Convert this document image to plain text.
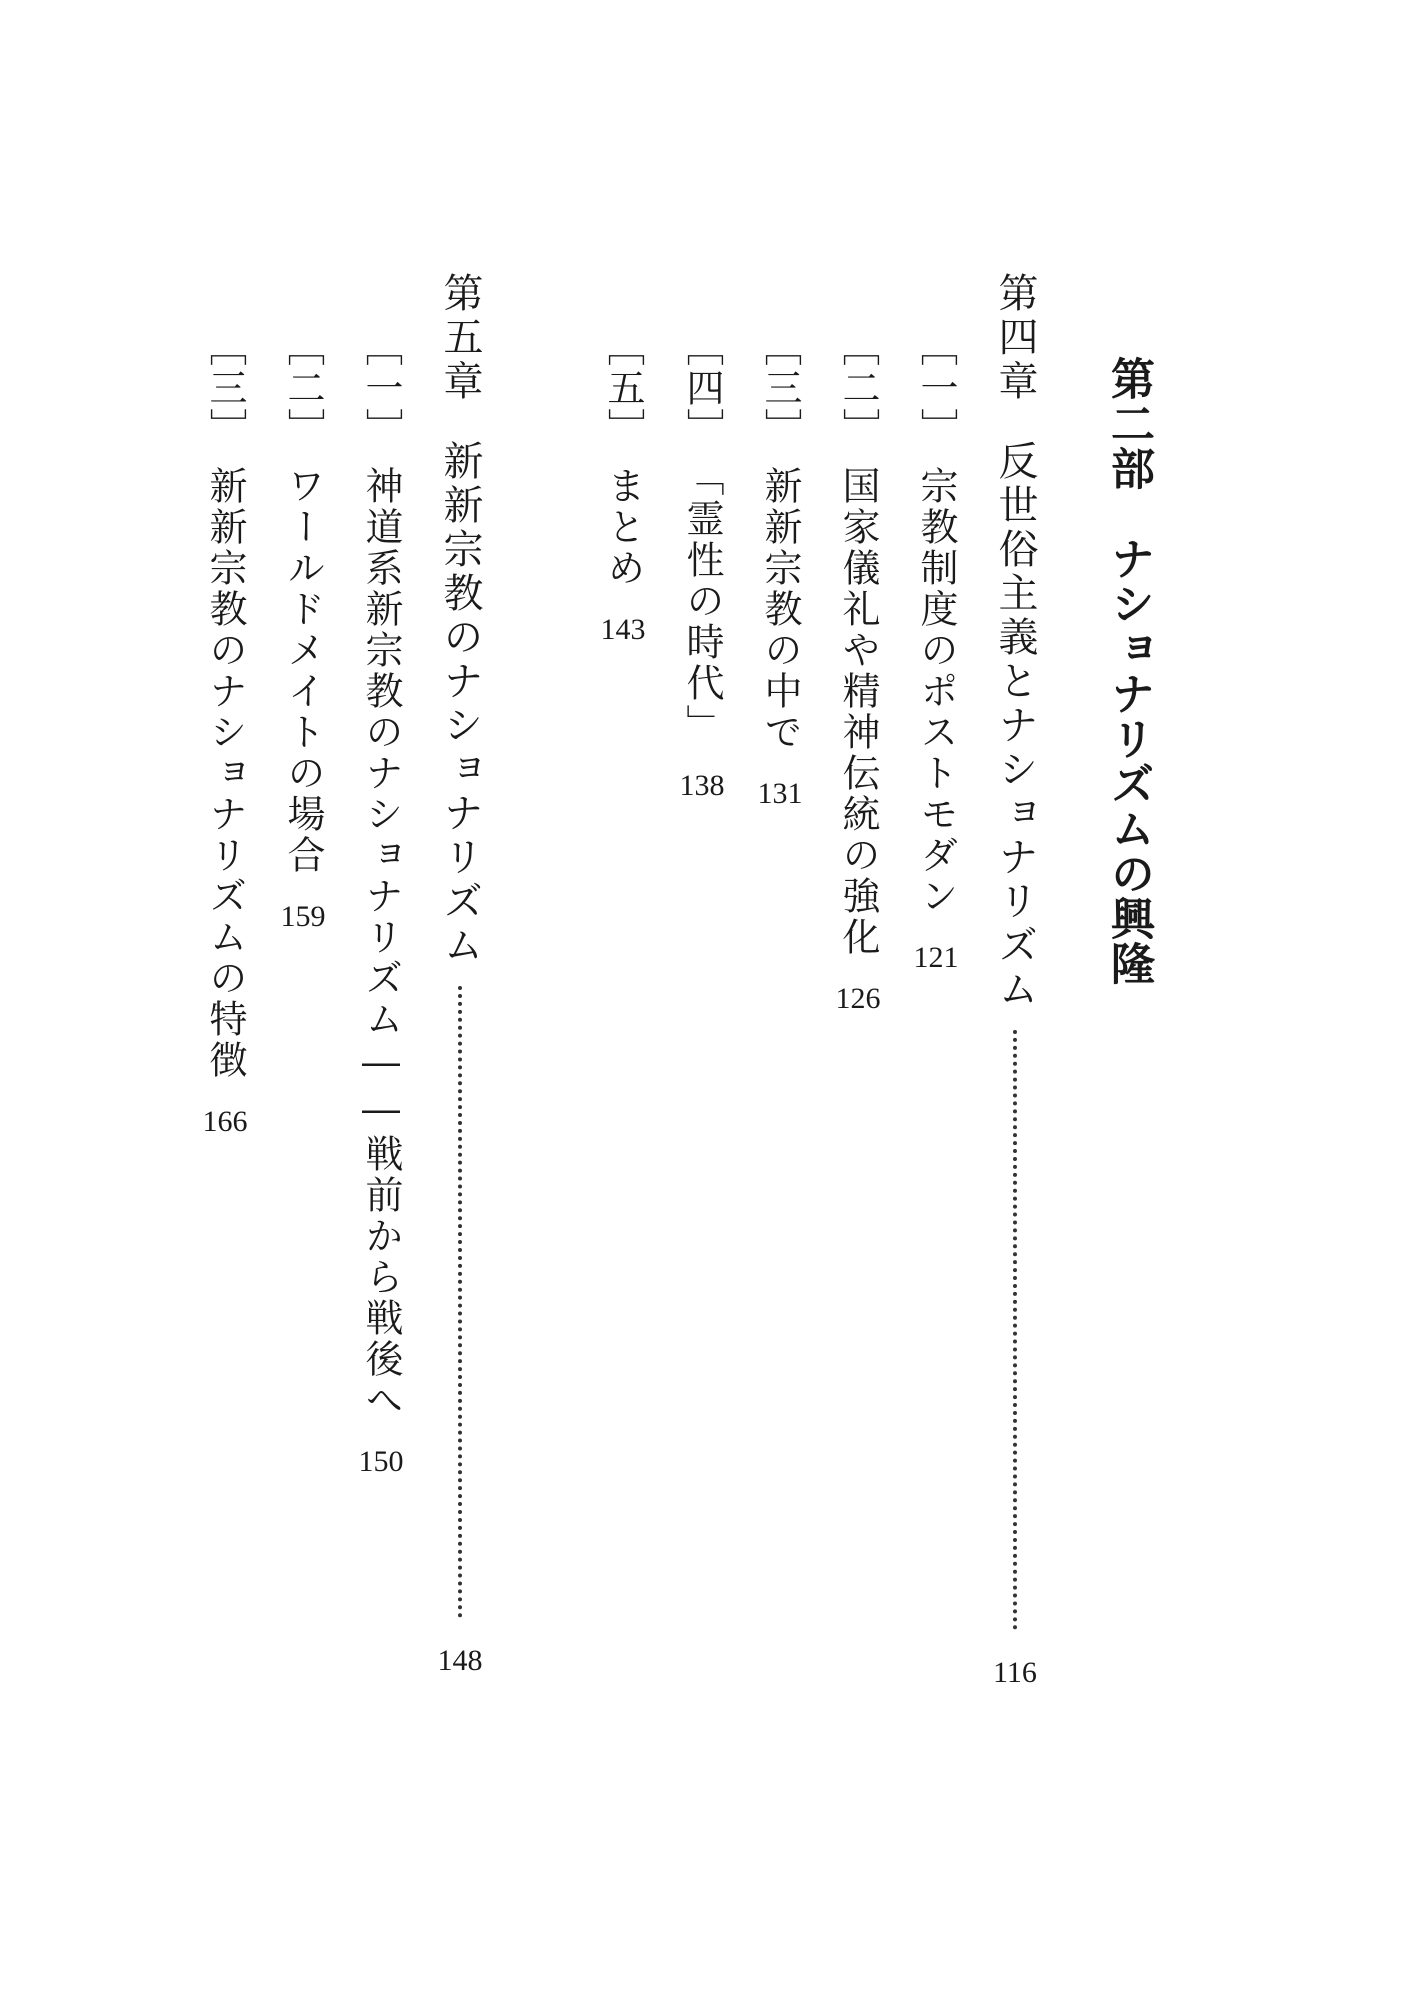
第二部　ナショナリズムの興隆
第四章
反世俗主義とナショナリズム
116
［一］
宗教制度のポストモダン
121
［二］
国家儀礼や精神伝統の強化
126
［三］
新新宗教の中で
131
［四］
「霊性の時代」
138
［五］
まとめ
143
第五章
新新宗教のナショナリズム
148
［一］
神道系新宗教のナショナリズム――戦前から戦後へ
150
［二］
ワールドメイトの場合
159
［三］
新新宗教のナショナリズムの特徴
166
